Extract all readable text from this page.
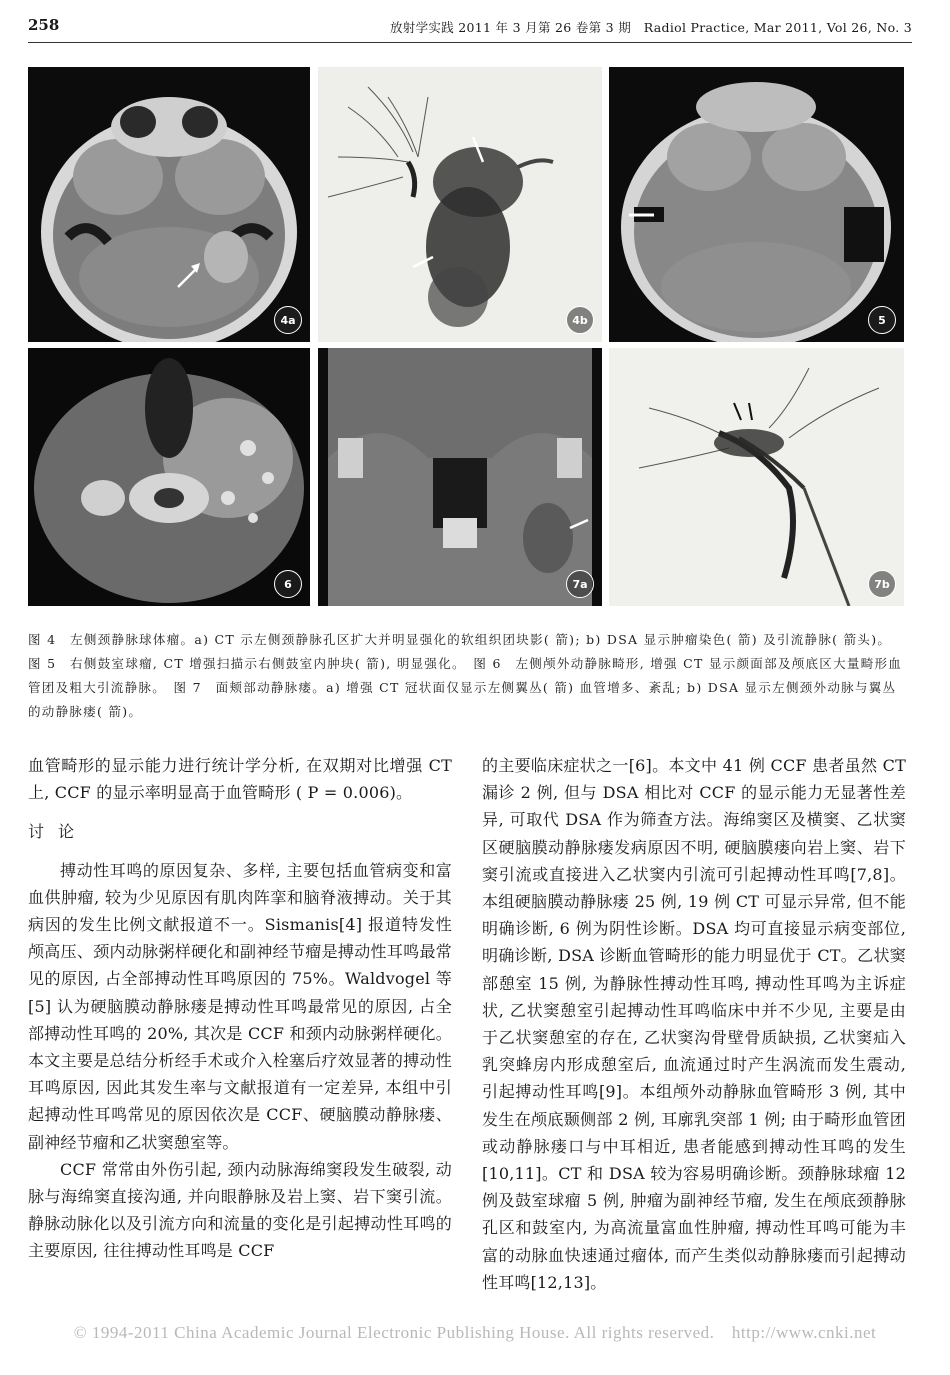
258	放射学实践 2011 年 3 月第 26 卷第 3 期　Radiol Practice, Mar 2011, Vol 26, No. 3
4a	4b	5
6	7a	7b

图 4　左侧颈静脉球体瘤。a) CT 示左侧颈静脉孔区扩大并明显强化的软组织团块影( 箭); b) DSA 显示肿瘤染色( 箭) 及引流静脉( 箭头)。　图 5　右侧鼓室球瘤, CT 增强扫描示右侧鼓室内肿块( 箭), 明显强化。　图 6　左侧颅外动静脉畸形, 增强 CT 显示颜面部及颅底区大量畸形血管团及粗大引流静脉。　图 7　面颊部动静脉瘘。a) 增强 CT 冠状面仅显示左侧翼丛( 箭) 血管增多、紊乱; b) DSA 显示左侧颈外动脉与翼丛的动静脉瘘( 箭)。

血管畸形的显示能力进行统计学分析, 在双期对比增强 CT 上, CCF 的显示率明显高于血管畸形 ( P = 0.006)。

讨论

搏动性耳鸣的原因复杂、多样, 主要包括血管病变和富血供肿瘤, 较为少见原因有肌肉阵挛和脑脊液搏动。关于其病因的发生比例文献报道不一。Sismanis[4] 报道特发性颅高压、颈内动脉粥样硬化和副神经节瘤是搏动性耳鸣最常见的原因, 占全部搏动性耳鸣原因的 75%。Waldvogel 等[5] 认为硬脑膜动静脉瘘是搏动性耳鸣最常见的原因, 占全部搏动性耳鸣的 20%, 其次是 CCF 和颈内动脉粥样硬化。本文主要是总结分析经手术或介入栓塞后疗效显著的搏动性耳鸣原因, 因此其发生率与文献报道有一定差异, 本组中引起搏动性耳鸣常见的原因依次是 CCF、硬脑膜动静脉瘘、副神经节瘤和乙状窦憩室等。

CCF 常常由外伤引起, 颈内动脉海绵窦段发生破裂, 动脉与海绵窦直接沟通, 并向眼静脉及岩上窦、岩下窦引流。静脉动脉化以及引流方向和流量的变化是引起搏动性耳鸣的主要原因, 往往搏动性耳鸣是 CCF

的主要临床症状之一[6]。本文中 41 例 CCF 患者虽然 CT 漏诊 2 例, 但与 DSA 相比对 CCF 的显示能力无显著性差异, 可取代 DSA 作为筛查方法。海绵窦区及横窦、乙状窦区硬脑膜动静脉瘘发病原因不明, 硬脑膜瘘向岩上窦、岩下窦引流或直接进入乙状窦内引流可引起搏动性耳鸣[7,8]。本组硬脑膜动静脉瘘 25 例, 19 例 CT 可显示异常, 但不能明确诊断, 6 例为阴性诊断。DSA 均可直接显示病变部位, 明确诊断, DSA 诊断血管畸形的能力明显优于 CT。乙状窦部憩室 15 例, 为静脉性搏动性耳鸣, 搏动性耳鸣为主诉症状, 乙状窦憩室引起搏动性耳鸣临床中并不少见, 主要是由于乙状窦憩室的存在, 乙状窦沟骨壁骨质缺损, 乙状窦疝入乳突蜂房内形成憩室后, 血流通过时产生涡流而发生震动, 引起搏动性耳鸣[9]。本组颅外动静脉血管畸形 3 例, 其中发生在颅底颞侧部 2 例, 耳廓乳突部 1 例; 由于畸形血管团或动静脉瘘口与中耳相近, 患者能感到搏动性耳鸣的发生[10,11]。CT 和 DSA 较为容易明确诊断。颈静脉球瘤 12 例及鼓室球瘤 5 例, 肿瘤为副神经节瘤, 发生在颅底颈静脉孔区和鼓室内, 为高流量富血性肿瘤, 搏动性耳鸣可能为丰富的动脉血快速通过瘤体, 而产生类似动静脉瘘而引起搏动性耳鸣[12,13]。

© 1994-2011 China Academic Journal Electronic Publishing House. All rights reserved.　http://www.cnki.net
